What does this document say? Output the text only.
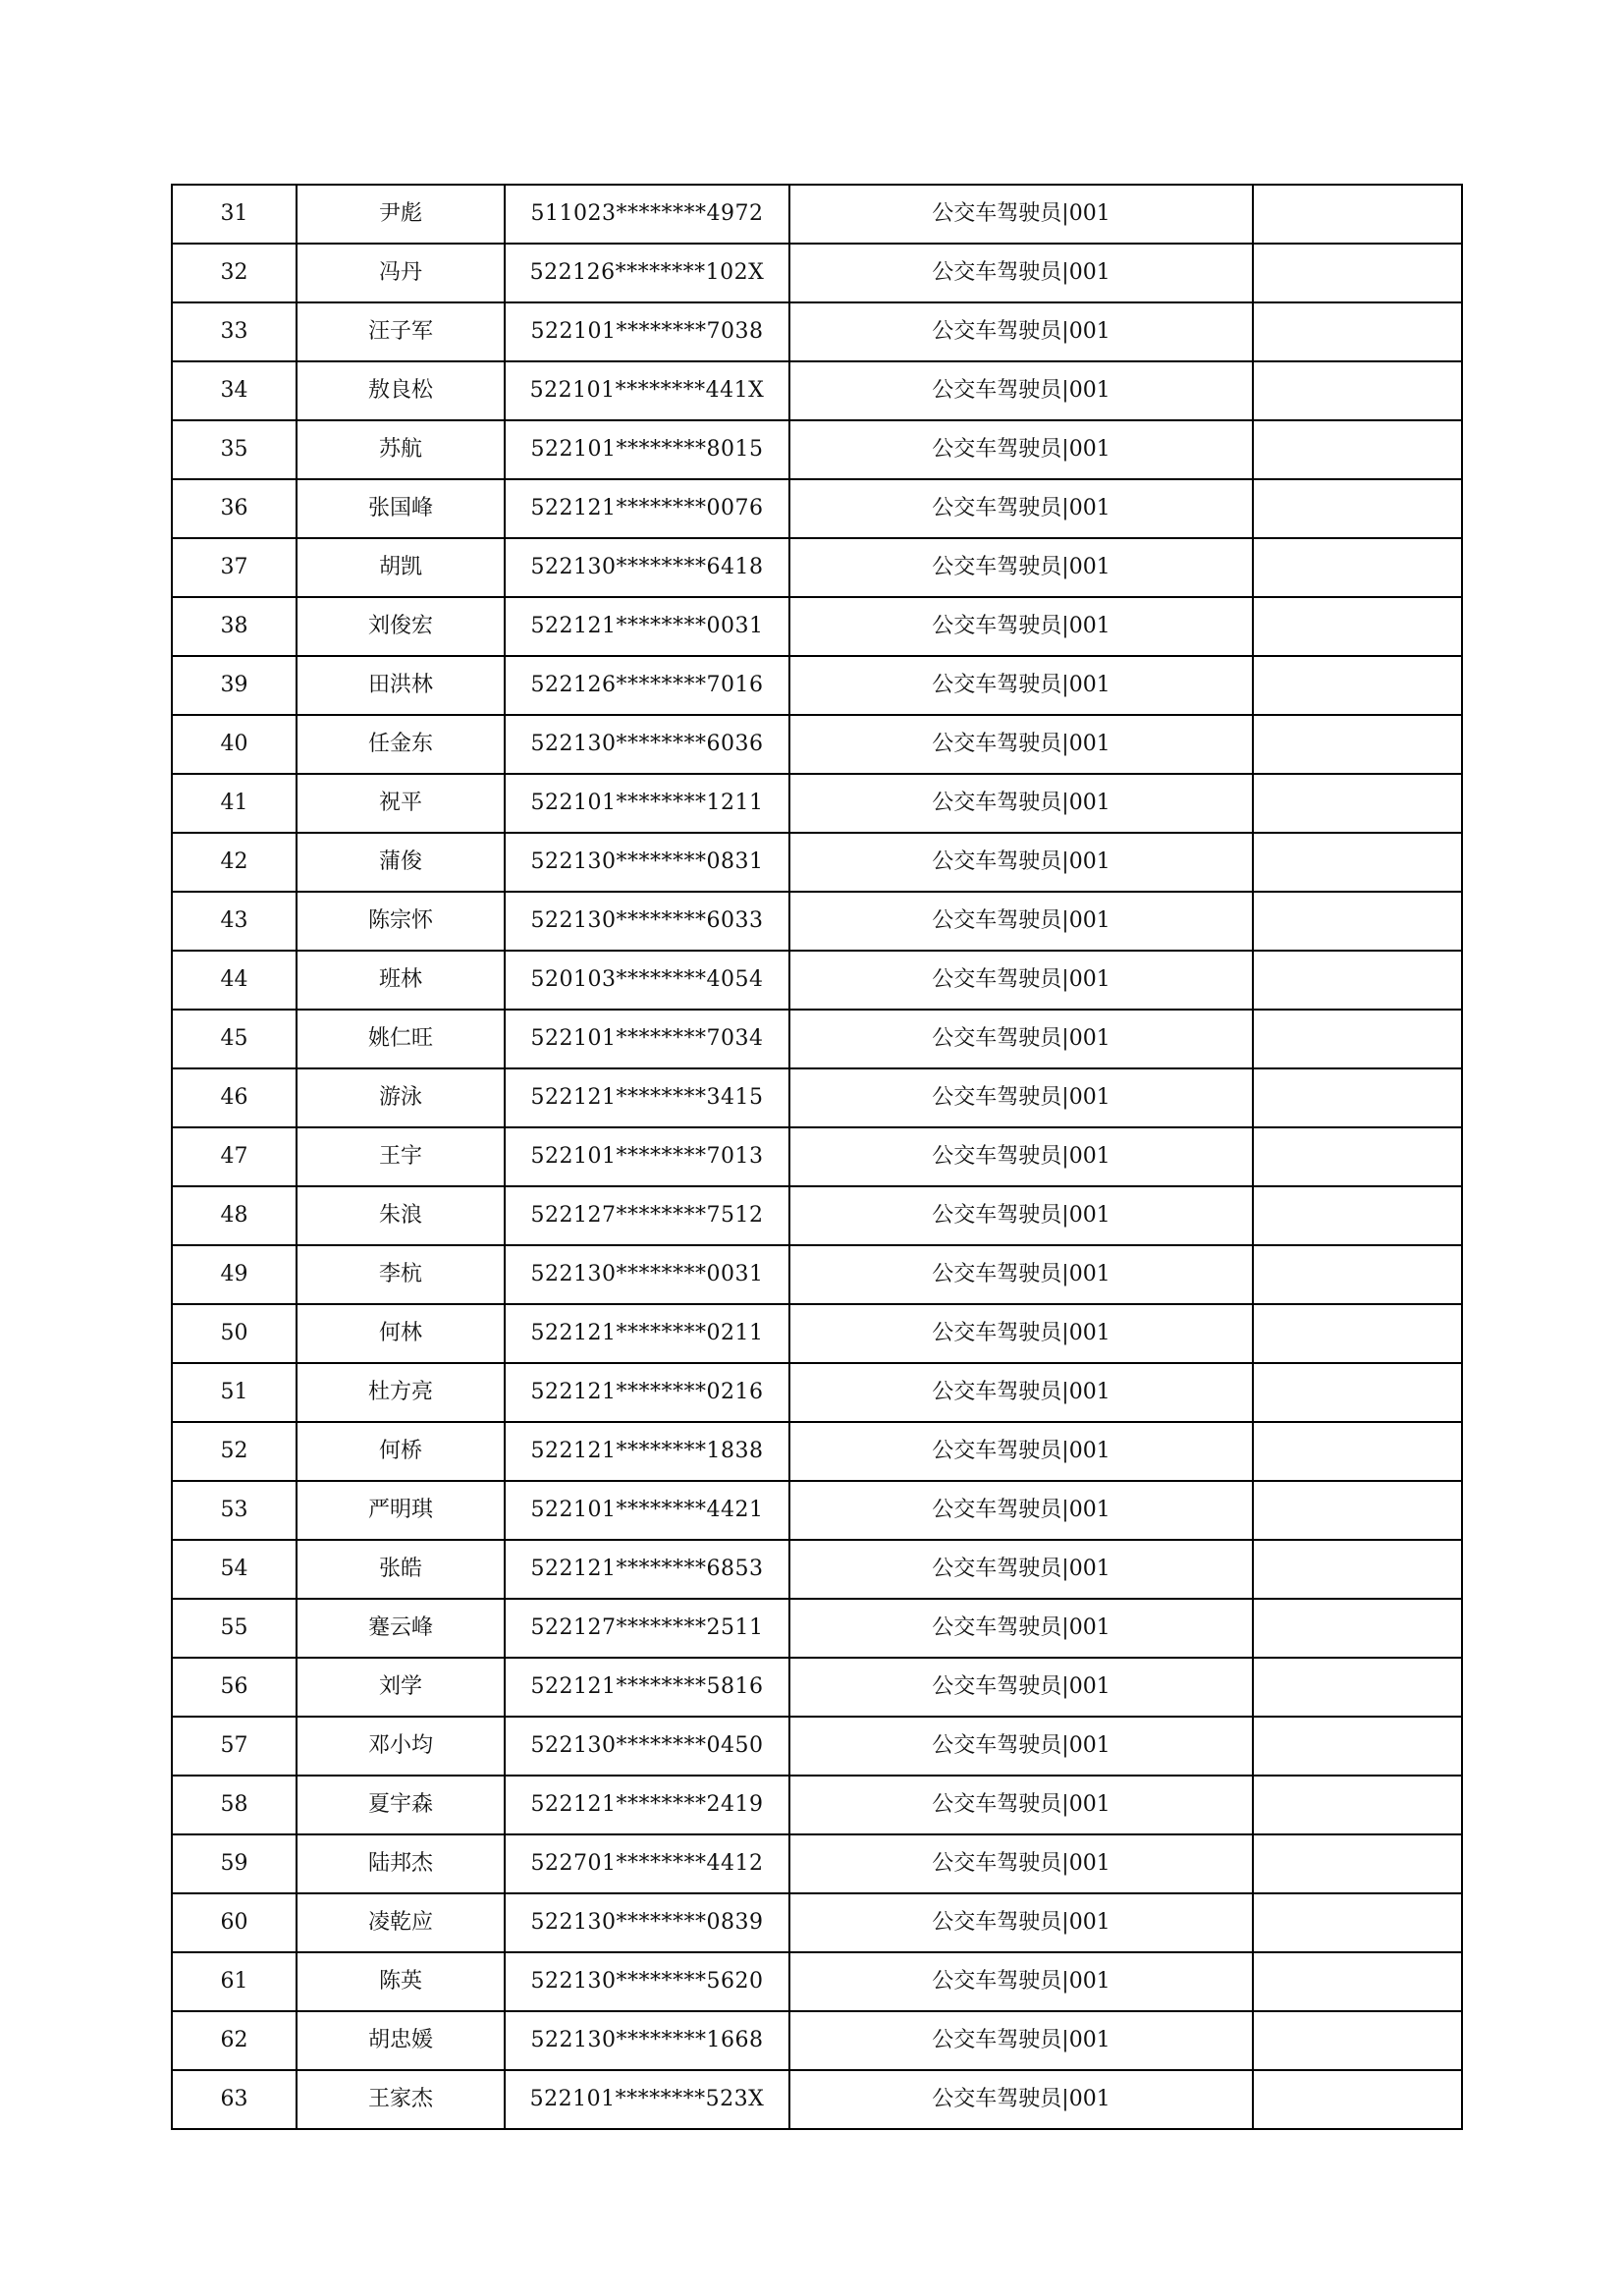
31	尹彪	511023********4972	公交车驾驶员|001	
32	冯丹	522126********102X	公交车驾驶员|001	
33	汪子军	522101********7038	公交车驾驶员|001	
34	敖良松	522101********441X	公交车驾驶员|001	
35	苏航	522101********8015	公交车驾驶员|001	
36	张国峰	522121********0076	公交车驾驶员|001	
37	胡凯	522130********6418	公交车驾驶员|001	
38	刘俊宏	522121********0031	公交车驾驶员|001	
39	田洪林	522126********7016	公交车驾驶员|001	
40	任金东	522130********6036	公交车驾驶员|001	
41	祝平	522101********1211	公交车驾驶员|001	
42	蒲俊	522130********0831	公交车驾驶员|001	
43	陈宗怀	522130********6033	公交车驾驶员|001	
44	班林	520103********4054	公交车驾驶员|001	
45	姚仁旺	522101********7034	公交车驾驶员|001	
46	游泳	522121********3415	公交车驾驶员|001	
47	王宇	522101********7013	公交车驾驶员|001	
48	朱浪	522127********7512	公交车驾驶员|001	
49	李杭	522130********0031	公交车驾驶员|001	
50	何林	522121********0211	公交车驾驶员|001	
51	杜方亮	522121********0216	公交车驾驶员|001	
52	何桥	522121********1838	公交车驾驶员|001	
53	严明琪	522101********4421	公交车驾驶员|001	
54	张皓	522121********6853	公交车驾驶员|001	
55	蹇云峰	522127********2511	公交车驾驶员|001	
56	刘学	522121********5816	公交车驾驶员|001	
57	邓小均	522130********0450	公交车驾驶员|001	
58	夏宇森	522121********2419	公交车驾驶员|001	
59	陆邦杰	522701********4412	公交车驾驶员|001	
60	凌乾应	522130********0839	公交车驾驶员|001	
61	陈英	522130********5620	公交车驾驶员|001	
62	胡忠媛	522130********1668	公交车驾驶员|001	
63	王家杰	522101********523X	公交车驾驶员|001	
